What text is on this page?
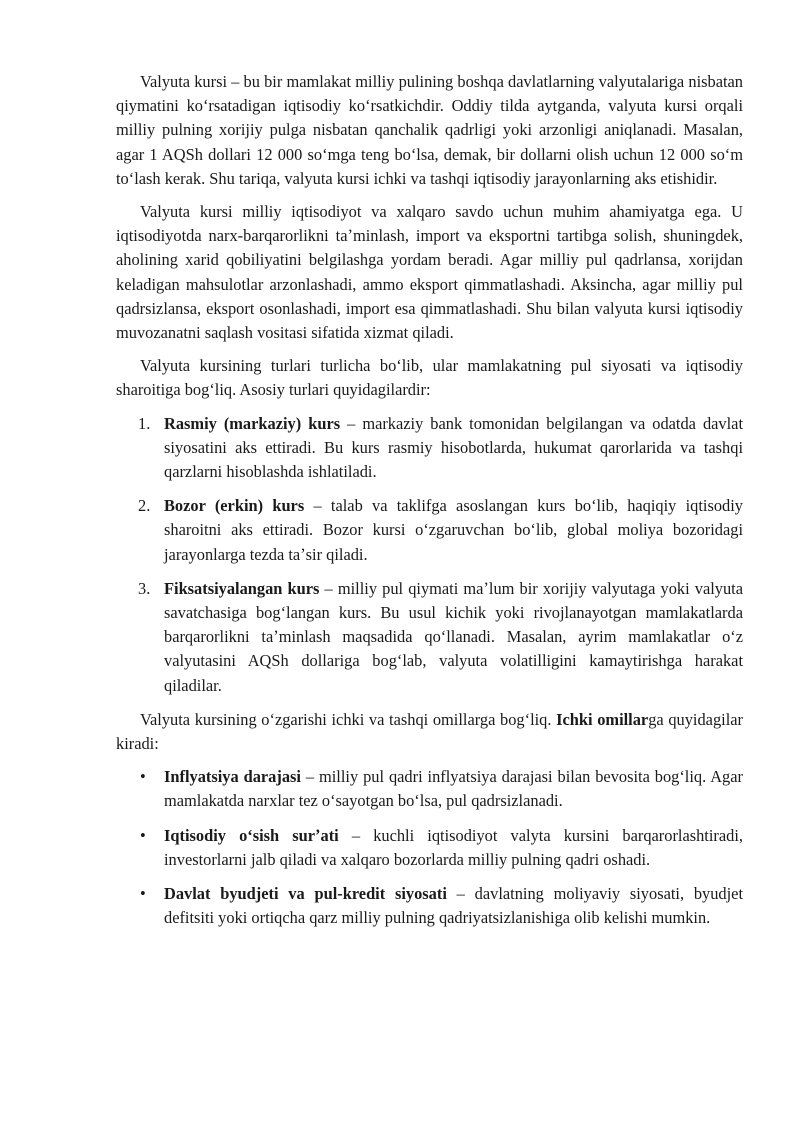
Valyuta kursi – bu bir mamlakat milliy pulining boshqa davlatlarning valyutalariga nisbatan qiymatini koʻrsatadigan iqtisodiy koʻrsatkichdir. Oddiy tilda aytganda, valyuta kursi orqali milliy pulning xorijiy pulga nisbatan qanchalik qadrligi yoki arzonligi aniqlanadi. Masalan, agar 1 AQSh dollari 12 000 soʻmga teng boʻlsa, demak, bir dollarni olish uchun 12 000 soʻm toʻlash kerak. Shu tariqa, valyuta kursi ichki va tashqi iqtisodiy jarayonlarning aks etishidir.

Valyuta kursi milliy iqtisodiyot va xalqaro savdo uchun muhim ahamiyatga ega. U iqtisodiyotda narx-barqarorlikni taʼminlash, import va eksportni tartibga solish, shuningdek, aholining xarid qobiliyatini belgilashga yordam beradi. Agar milliy pul qadrlansa, xorijdan keladigan mahsulotlar arzonlashadi, ammo eksport qimmatlashadi. Aksincha, agar milliy pul qadrsizlansa, eksport osonlashadi, import esa qimmatlashadi. Shu bilan valyuta kursi iqtisodiy muvozanatni saqlash vositasi sifatida xizmat qiladi.

Valyuta kursining turlari turlicha boʻlib, ular mamlakatning pul siyosati va iqtisodiy sharoitiga bogʻliq. Asosiy turlari quyidagilardir:

1. Rasmiy (markaziy) kurs – markaziy bank tomonidan belgilangan va odatda davlat siyosatini aks ettiradi. Bu kurs rasmiy hisobotlarda, hukumat qarorlarida va tashqi qarzlarni hisoblashda ishlatiladi.
2. Bozor (erkin) kurs – talab va taklifga asoslangan kurs boʻlib, haqiqiy iqtisodiy sharoitni aks ettiradi. Bozor kursi oʻzgaruvchan boʻlib, global moliya bozoridagi jarayonlarga tezda taʼsir qiladi.
3. Fiksatsiyalangan kurs – milliy pul qiymati maʼlum bir xorijiy valyutaga yoki valyuta savatchasiga bogʻlangan kurs. Bu usul kichik yoki rivojlanayotgan mamlakatlarda barqarorlikni taʼminlash maqsadida qoʻllanadi. Masalan, ayrim mamlakatlar oʻz valyutasini AQSh dollariga bogʻlab, valyuta volatilligini kamaytirishga harakat qiladilar.

Valyuta kursining oʻzgarishi ichki va tashqi omillarga bogʻliq. Ichki omillarga quyidagilar kiradi:

• Inflyatsiya darajasi – milliy pul qadri inflyatsiya darajasi bilan bevosita bogʻliq. Agar mamlakatda narxlar tez oʻsayotgan boʻlsa, pul qadrsizlanadi.
• Iqtisodiy oʻsish surʼati – kuchli iqtisodiyot valyta kursini barqarorlashtiradi, investorlarni jalb qiladi va xalqaro bozorlarda milliy pulning qadri oshadi.
• Davlat byudjeti va pul-kredit siyosati – davlatning moliyaviy siyosati, byudjet defitsiti yoki ortiqcha qarz milliy pulning qadriyatsizlanishiga olib kelishi mumkin.
